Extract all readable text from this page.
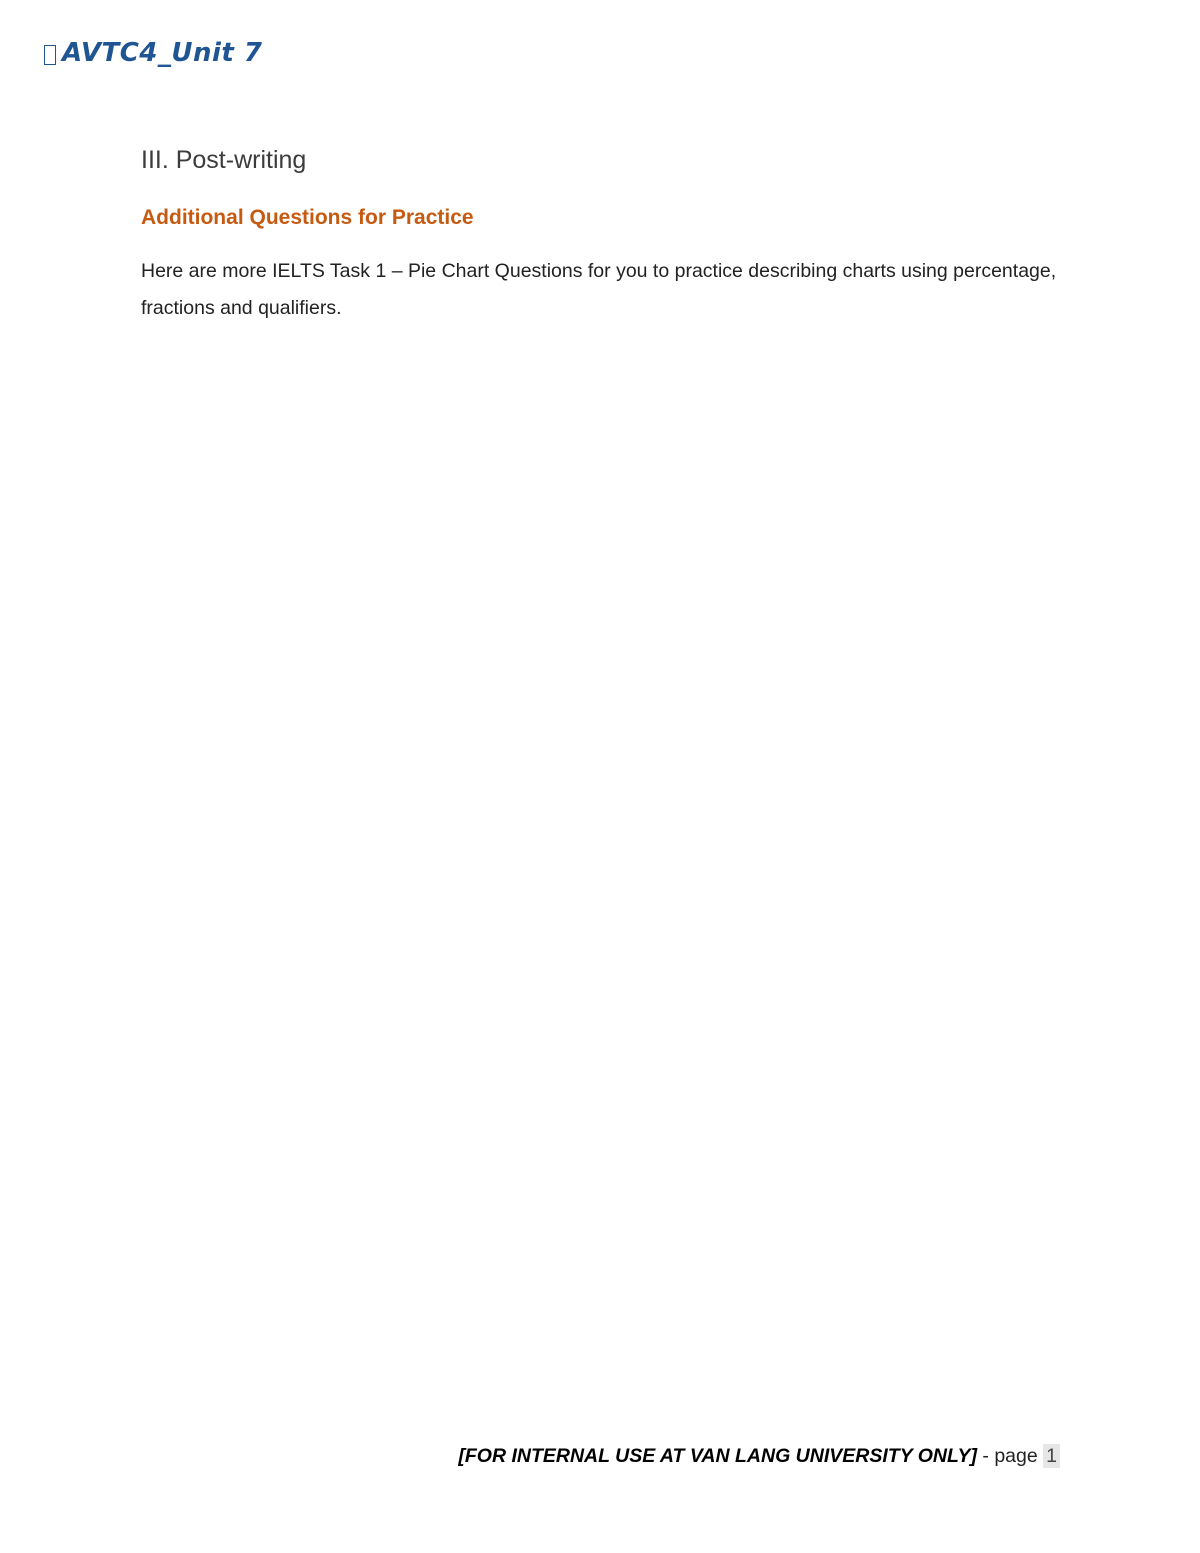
AVTC4_Unit 7
III. Post-writing
Additional Questions for Practice

Here are more IELTS Task 1 – Pie Chart Questions for you to practice describing charts using percentage, fractions and qualifiers.

[FOR INTERNAL USE AT VAN LANG UNIVERSITY ONLY] - page 1
